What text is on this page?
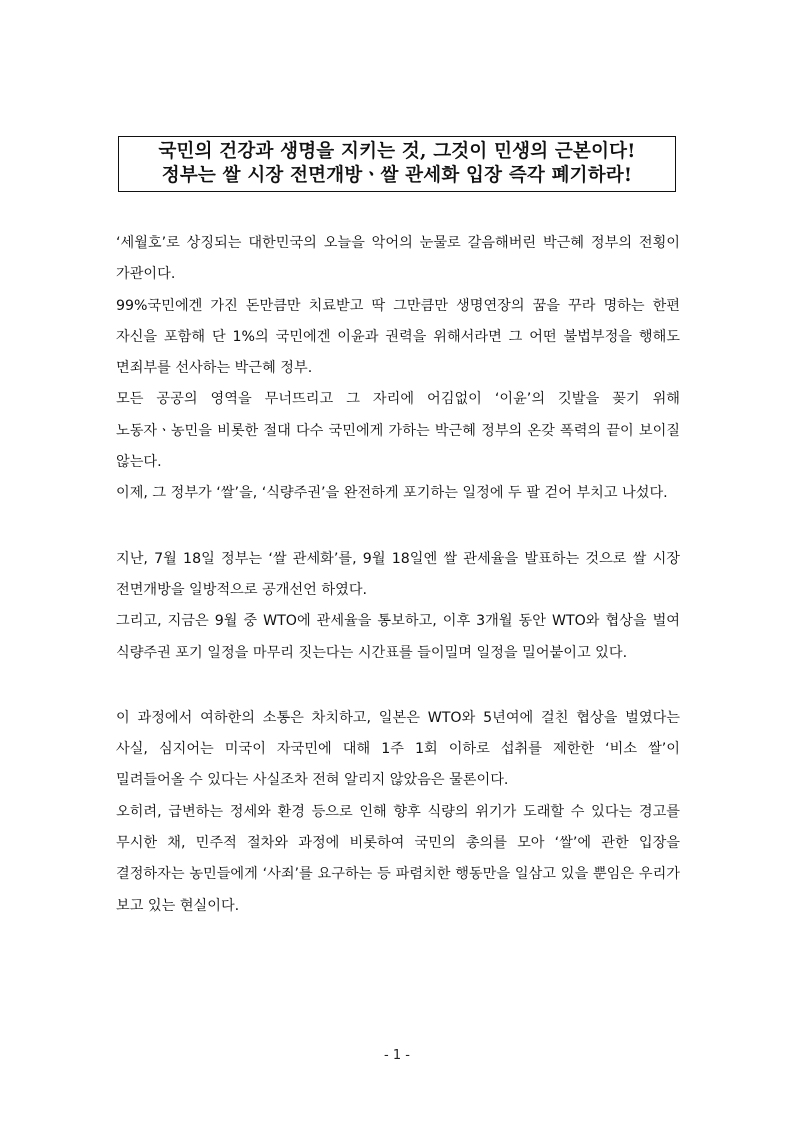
국민의 건강과 생명을 지키는 것, 그것이 민생의 근본이다!
정부는 쌀 시장 전면개방ㆍ쌀 관세화 입장 즉각 폐기하라!

‘세월호’로 상징되는 대한민국의 오늘을 악어의 눈물로 갈음해버린 박근혜 정부의 전횡이 가관이다.

99%국민에겐 가진 돈만큼만 치료받고 딱 그만큼만 생명연장의 꿈을 꾸라 명하는 한편 자신을 포함해 단 1%의 국민에겐 이윤과 권력을 위해서라면 그 어떤 불법부정을 행해도 면죄부를 선사하는 박근혜 정부.

모든 공공의 영역을 무너뜨리고 그 자리에 어김없이 ‘이윤’의 깃발을 꽂기 위해 노동자ㆍ농민을 비롯한 절대 다수 국민에게 가하는 박근혜 정부의 온갖 폭력의 끝이 보이질 않는다.

이제, 그 정부가 ‘쌀’을, ‘식량주권’을 완전하게 포기하는 일정에 두 팔 걷어 부치고 나섰다.

지난, 7월 18일 정부는 ‘쌀 관세화’를, 9월 18일엔 쌀 관세율을 발표하는 것으로 쌀 시장 전면개방을 일방적으로 공개선언 하였다.

그리고, 지금은 9월 중 WTO에 관세율을 통보하고, 이후 3개월 동안 WTO와 협상을 벌여 식량주권 포기 일정을 마무리 짓는다는 시간표를 들이밀며 일정을 밀어붙이고 있다.

이 과정에서 여하한의 소통은 차치하고, 일본은 WTO와 5년여에 걸친 협상을 벌였다는 사실, 심지어는 미국이 자국민에 대해 1주 1회 이하로 섭취를 제한한 ‘비소 쌀’이 밀려들어올 수 있다는 사실조차 전혀 알리지 않았음은 물론이다.

오히려, 급변하는 정세와 환경 등으로 인해 향후 식량의 위기가 도래할 수 있다는 경고를 무시한 채, 민주적 절차와 과정에 비롯하여 국민의 총의를 모아 ‘쌀’에 관한 입장을 결정하자는 농민들에게 ‘사죄’를 요구하는 등 파렴치한 행동만을 일삼고 있을 뿐임은 우리가 보고 있는 현실이다.

- 1 -
